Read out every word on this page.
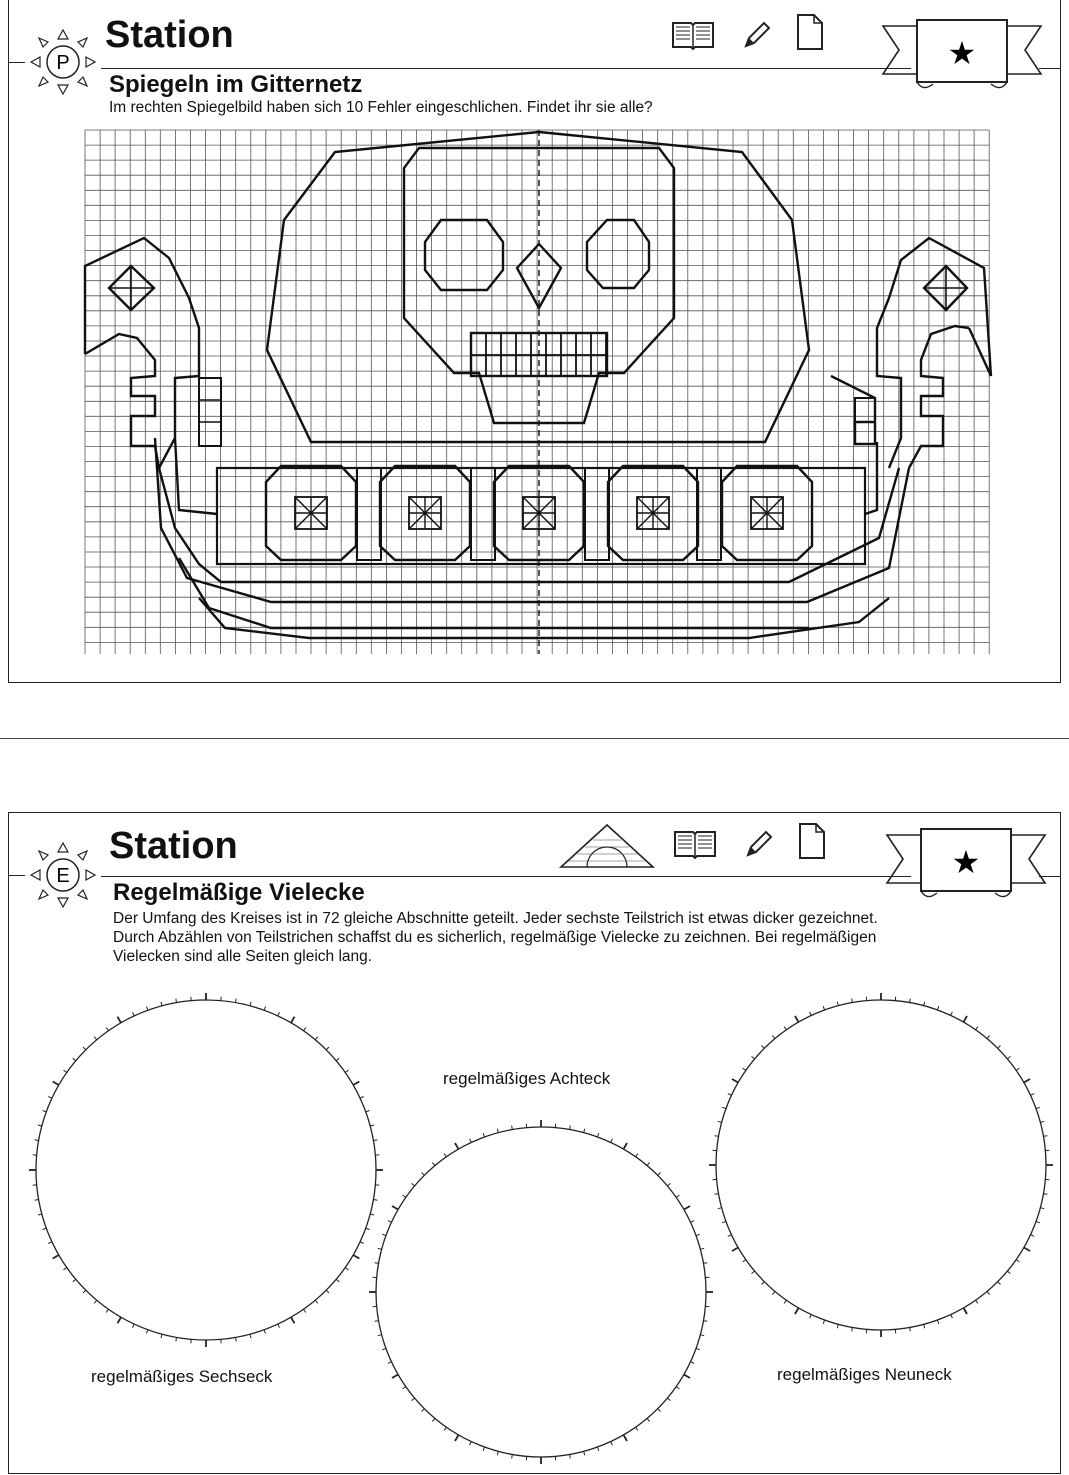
P
Station
Spiegeln im Gitternetz
Im rechten Spiegelbild haben sich 10 Fehler eingeschlichen. Findet ihr sie alle?
★
E
Station
Regelmäßige Vielecke
Der Umfang des Kreises ist in 72 gleiche Abschnitte geteilt. Jeder sechste Teilstrich ist etwas dicker gezeichnet.
Durch Abzählen von Teilstrichen schaffst du es sicherlich, regelmäßige Vielecke zu zeichnen. Bei regelmäßigen
Vielecken sind alle Seiten gleich lang.
★
regelmäßiges Sechseck
regelmäßiges Achteck
regelmäßiges Neuneck
